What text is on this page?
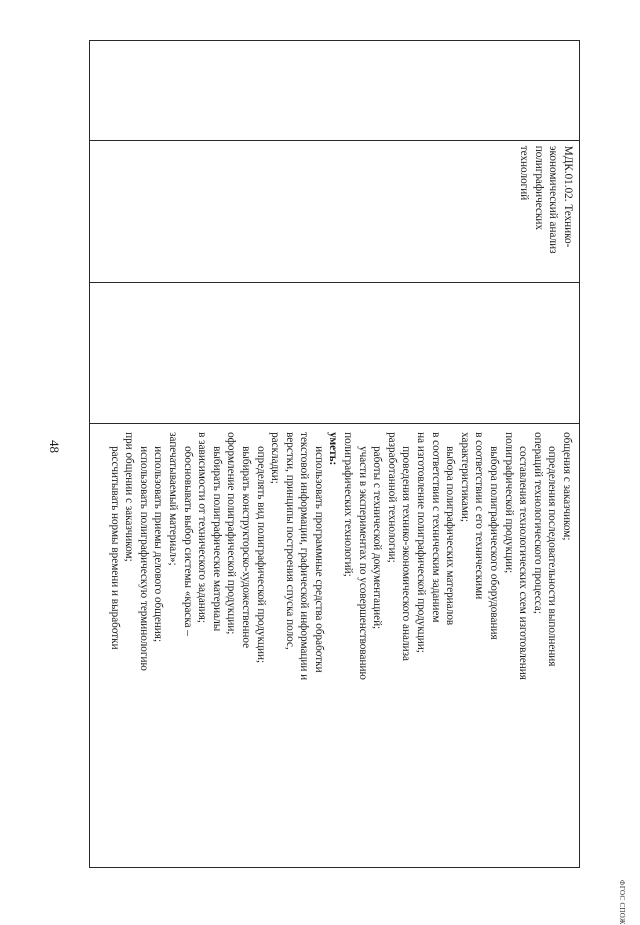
48
МДК.01.02. Технико-
экономический анализ
полиграфических
технологий
общения с заказчиком;
определения последовательности выполнения
операций технологического процесса;
составления технологических схем изготовления
полиграфической продукции;
выбора полиграфического оборудования
в соответствии с его техническими
характеристиками;
выбора полиграфических материалов
в соответствии с техническим заданием
на изготовление полиграфической продукции;
проведения технико-экономического анализа
разработанной технологии;
работы с технической документацией;
участи в экспериментах по усовершенствованию
полиграфических технологий;
уметь:
использовать программные средства обработки
текстовой информации, графической информации и
верстки, принципы построения спуска полос,
раскладки;
определять вид полиграфической продукции;
выбирать конструкторско-художественное
оформление полиграфической продукции;
выбирать полиграфические материалы
в зависимости от технического задания;
обосновывать выбор системы «краска –
запечатываемый материал»;
использовать приемы делового общения;
использовать полиграфическую терминологию
при общении с заказчиком;
рассчитывать нормы времени и выработки
ФГОС СПОЖ
